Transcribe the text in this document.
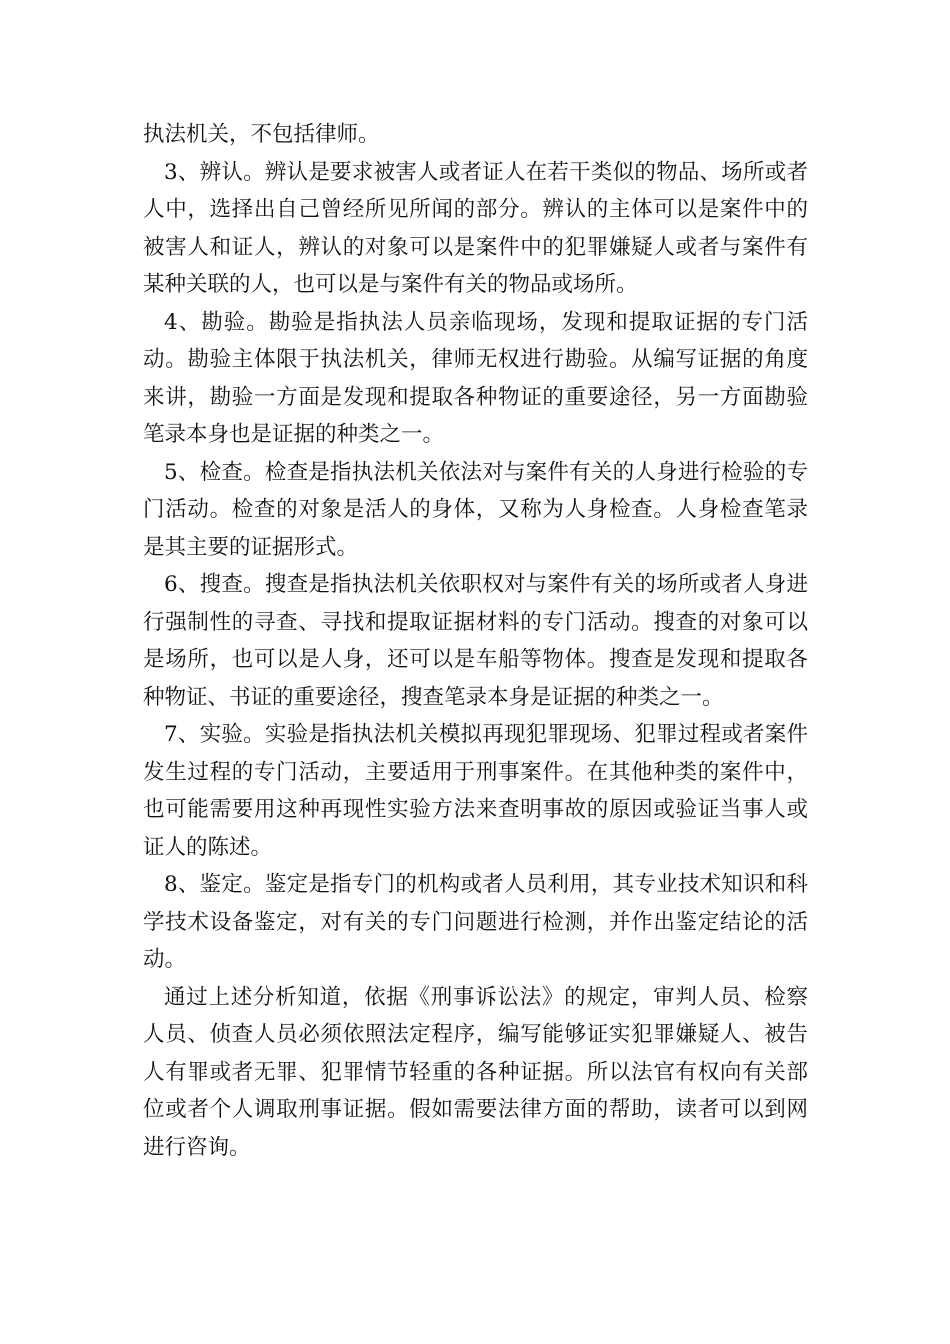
执法机关，不包括律师。

3、辨认。辨认是要求被害人或者证人在若干类似的物品、场所或者人中，选择出自己曾经所见所闻的部分。辨认的主体可以是案件中的被害人和证人，辨认的对象可以是案件中的犯罪嫌疑人或者与案件有某种关联的人，也可以是与案件有关的物品或场所。

4、勘验。勘验是指执法人员亲临现场，发现和提取证据的专门活动。勘验主体限于执法机关，律师无权进行勘验。从编写证据的角度来讲，勘验一方面是发现和提取各种物证的重要途径，另一方面勘验笔录本身也是证据的种类之一。

5、检查。检查是指执法机关依法对与案件有关的人身进行检验的专门活动。检查的对象是活人的身体，又称为人身检查。人身检查笔录是其主要的证据形式。

6、搜查。搜查是指执法机关依职权对与案件有关的场所或者人身进行强制性的寻查、寻找和提取证据材料的专门活动。搜查的对象可以是场所，也可以是人身，还可以是车船等物体。搜查是发现和提取各种物证、书证的重要途径，搜查笔录本身是证据的种类之一。

7、实验。实验是指执法机关模拟再现犯罪现场、犯罪过程或者案件发生过程的专门活动，主要适用于刑事案件。在其他种类的案件中，也可能需要用这种再现性实验方法来查明事故的原因或验证当事人或证人的陈述。

8、鉴定。鉴定是指专门的机构或者人员利用，其专业技术知识和科学技术设备鉴定，对有关的专门问题进行检测，并作出鉴定结论的活动。

通过上述分析知道，依据《刑事诉讼法》的规定，审判人员、检察人员、侦查人员必须依照法定程序，编写能够证实犯罪嫌疑人、被告人有罪或者无罪、犯罪情节轻重的各种证据。所以法官有权向有关部位或者个人调取刑事证据。假如需要法律方面的帮助，读者可以到网进行咨询。
